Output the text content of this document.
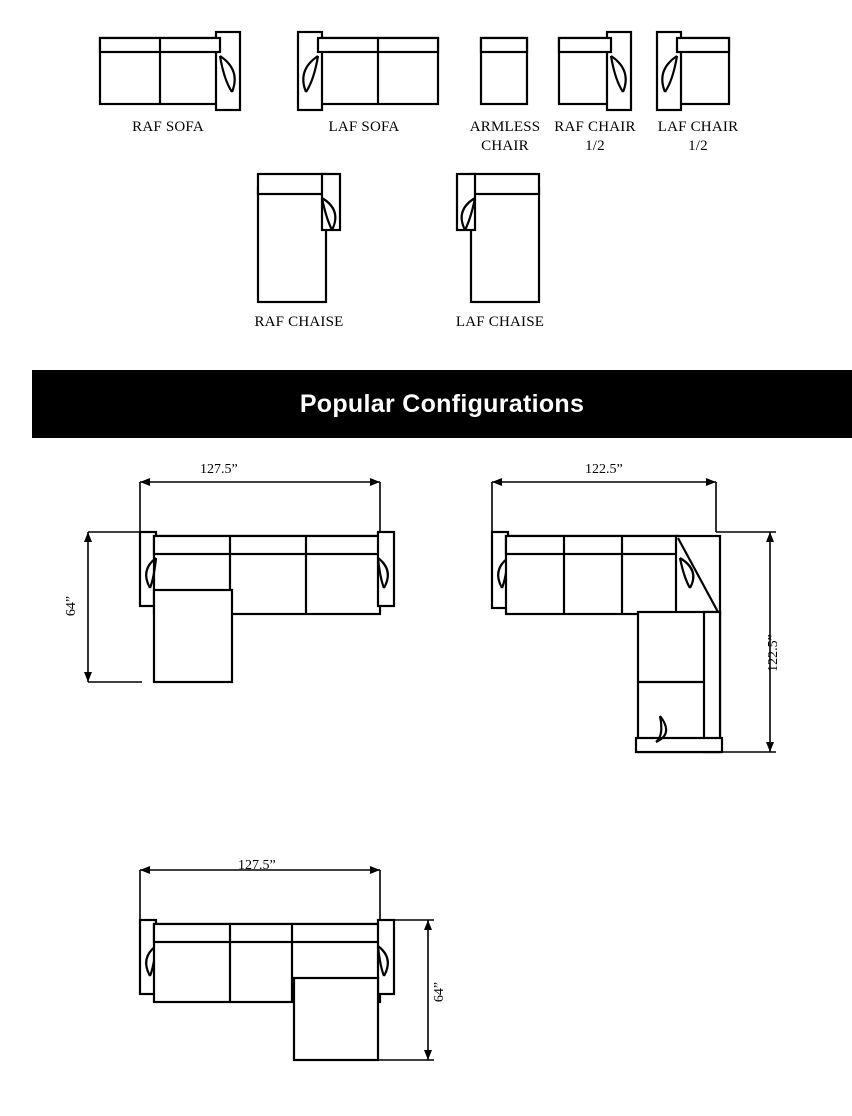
RAF SOFA	LAF SOFA	ARMLESS
CHAIR
RAF CHAIR
1/2
LAF CHAIR
1/2
RAF CHAISE	LAF CHAISE
Popular Configurations
127.5”
64”
122.5”
122.5”
127.5”
64”
